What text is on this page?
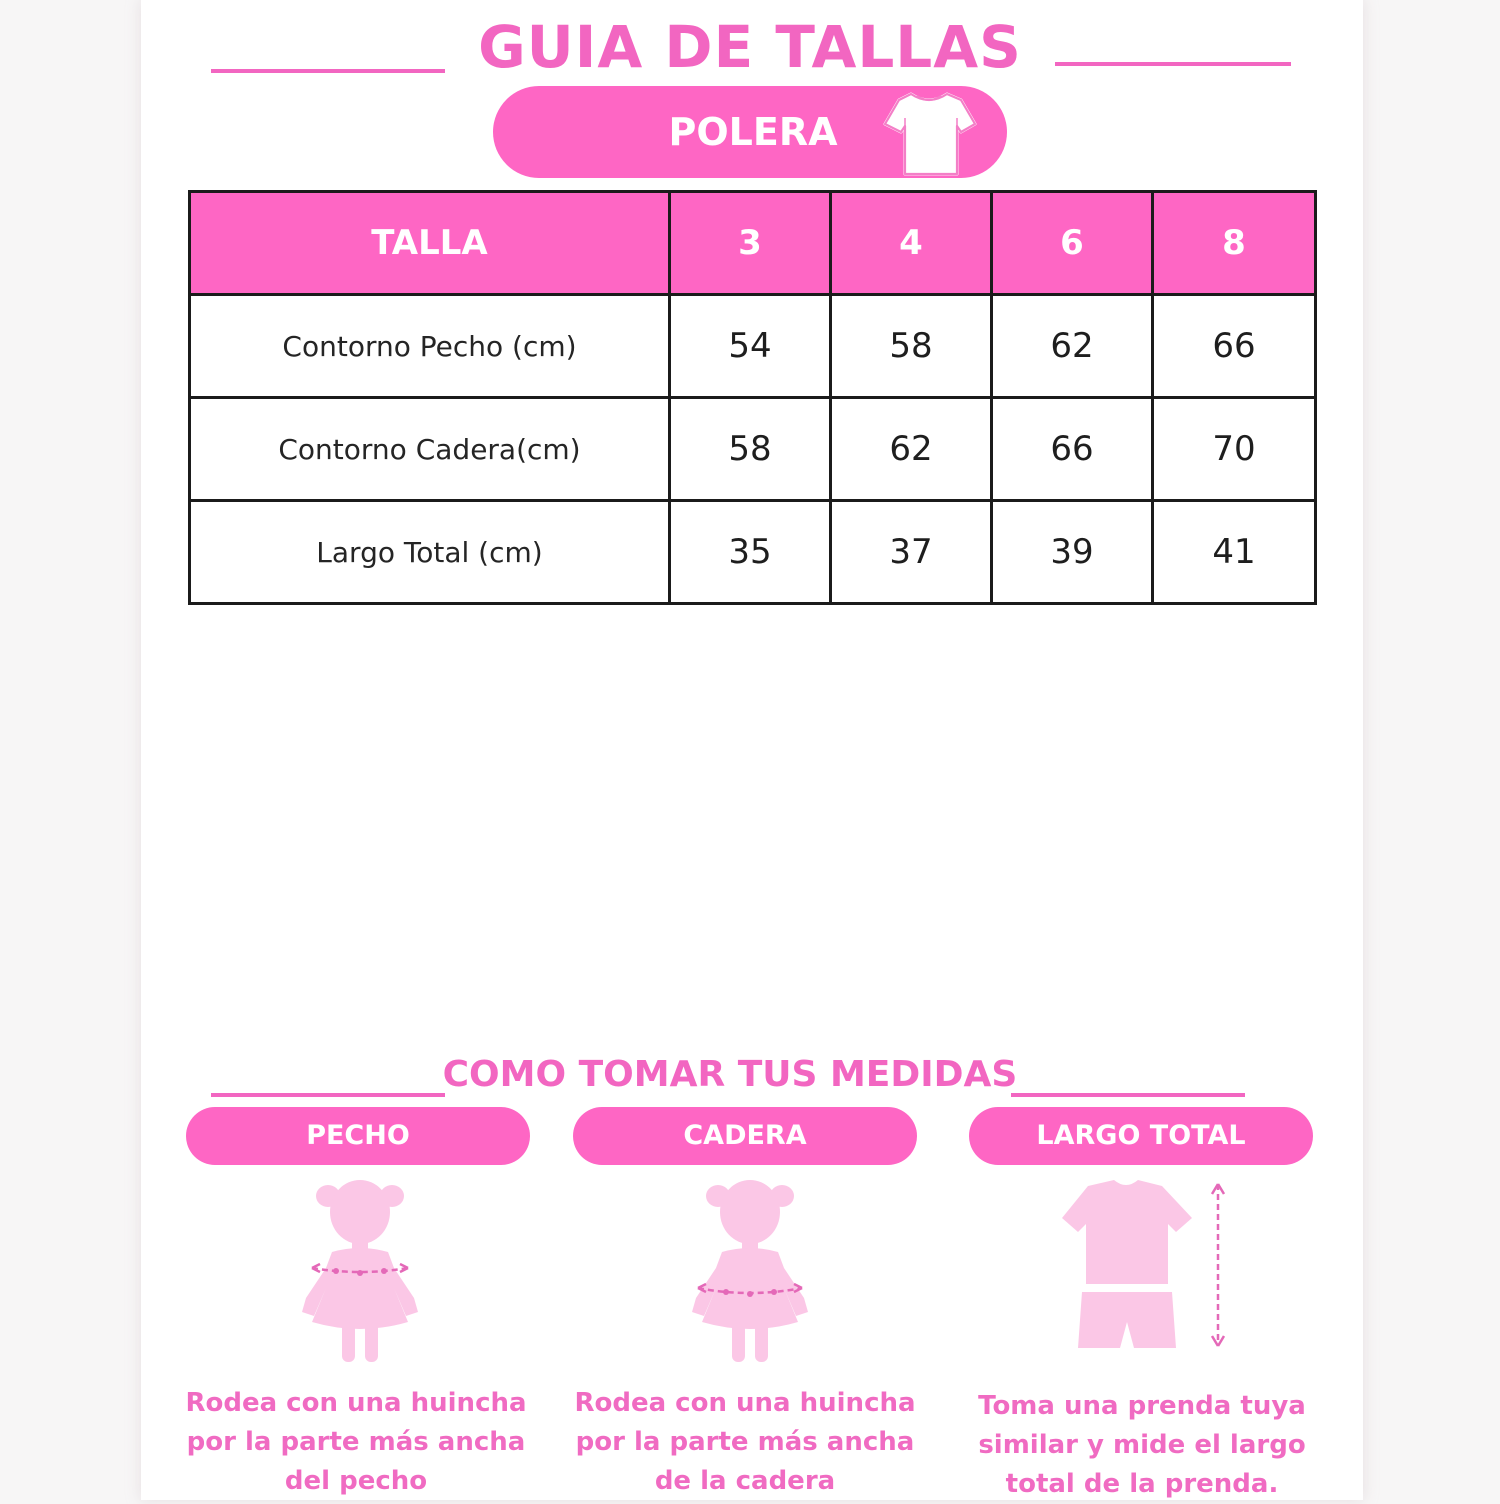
GUIA DE TALLAS
POLERA
TALLA	3	4	6	8
Contorno Pecho (cm)	54	58	62	66
Contorno Cadera(cm)	58	62	66	70
Largo Total (cm)	35	37	39	41
COMO TOMAR TUS MEDIDAS
PECHO	CADERA	LARGO TOTAL
Rodea con una huincha
por la parte más ancha
del pecho
Rodea con una huincha
por la parte más ancha
de la cadera
Toma una prenda tuya
similar y mide el largo
total de la prenda.
